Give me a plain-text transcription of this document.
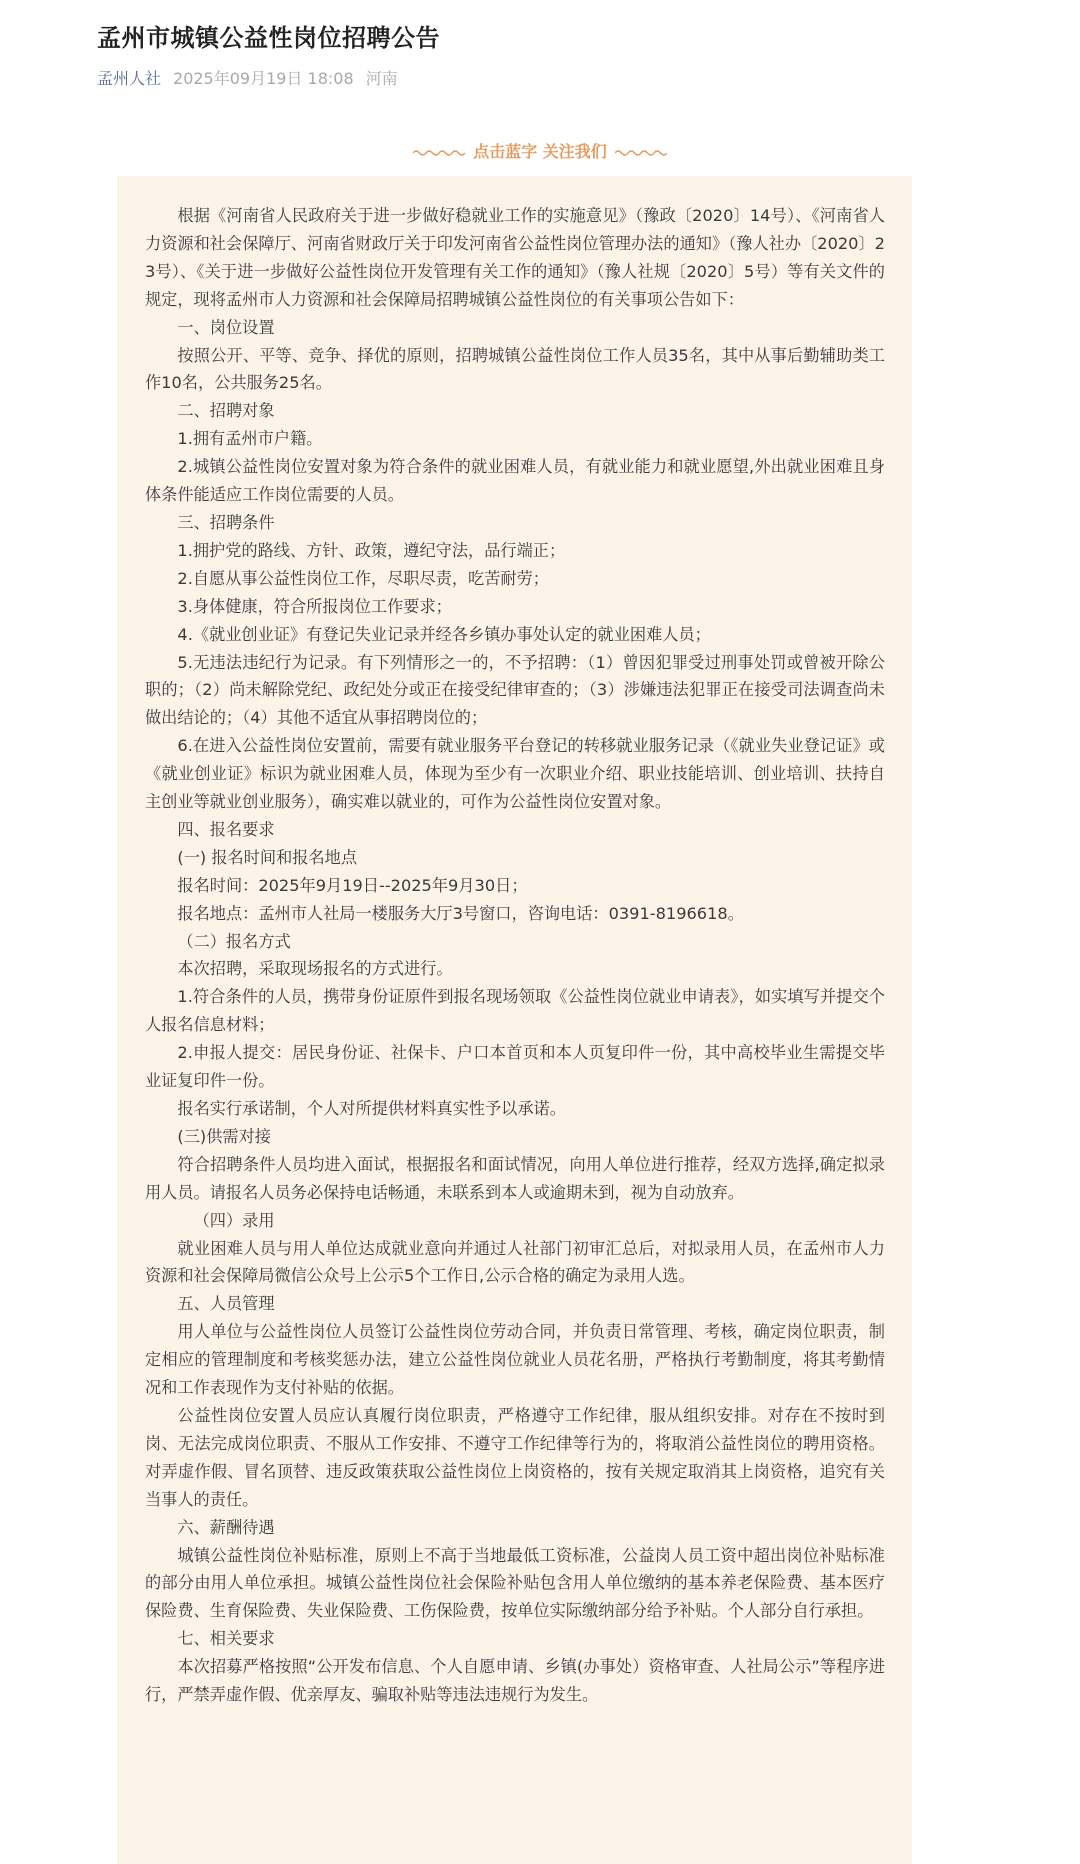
孟州市城镇公益性岗位招聘公告
孟州人社 2025年09月19日 18:08 河南
点击蓝字 关注我们

根据《河南省人民政府关于进一步做好稳就业工作的实施意见》（豫政〔2020〕14号）、《河南省人力资源和社会保障厅、河南省财政厅关于印发河南省公益性岗位管理办法的通知》（豫人社办〔2020〕23号）、《关于进一步做好公益性岗位开发管理有关工作的通知》（豫人社规〔2020〕5号）等有关文件的规定，现将孟州市人力资源和社会保障局招聘城镇公益性岗位的有关事项公告如下：

一、岗位设置

按照公开、平等、竞争、择优的原则，招聘城镇公益性岗位工作人员35名，其中从事后勤辅助类工作10名，公共服务25名。

二、招聘对象

1.拥有孟州市户籍。

2.城镇公益性岗位安置对象为符合条件的就业困难人员，有就业能力和就业愿望,外出就业困难且身体条件能适应工作岗位需要的人员。

三、招聘条件

1.拥护党的路线、方针、政策，遵纪守法，品行端正；

2.自愿从事公益性岗位工作，尽职尽责，吃苦耐劳；

3.身体健康，符合所报岗位工作要求；

4.《就业创业证》有登记失业记录并经各乡镇办事处认定的就业困难人员；

5.无违法违纪行为记录。有下列情形之一的，不予招聘：（1）曾因犯罪受过刑事处罚或曾被开除公职的；（2）尚未解除党纪、政纪处分或正在接受纪律审查的；（3）涉嫌违法犯罪正在接受司法调查尚未做出结论的；（4）其他不适宜从事招聘岗位的；

6.在进入公益性岗位安置前，需要有就业服务平台登记的转移就业服务记录（《就业失业登记证》或《就业创业证》标识为就业困难人员，体现为至少有一次职业介绍、职业技能培训、创业培训、扶持自主创业等就业创业服务），确实难以就业的，可作为公益性岗位安置对象。

四、报名要求

(一) 报名时间和报名地点

报名时间：2025年9月19日--2025年9月30日；

报名地点：孟州市人社局一楼服务大厅3号窗口，咨询电话：0391-8196618。

（二）报名方式

本次招聘，采取现场报名的方式进行。

1.符合条件的人员，携带身份证原件到报名现场领取《公益性岗位就业申请表》，如实填写并提交个人报名信息材料；

2.申报人提交：居民身份证、社保卡、户口本首页和本人页复印件一份，其中高校毕业生需提交毕业证复印件一份。

报名实行承诺制，个人对所提供材料真实性予以承诺。

(三)供需对接

符合招聘条件人员均进入面试，根据报名和面试情况，向用人单位进行推荐，经双方选择,确定拟录用人员。请报名人员务必保持电话畅通，未联系到本人或逾期未到，视为自动放弃。

（四）录用

就业困难人员与用人单位达成就业意向并通过人社部门初审汇总后，对拟录用人员，在孟州市人力资源和社会保障局微信公众号上公示5个工作日,公示合格的确定为录用人选。

五、人员管理

用人单位与公益性岗位人员签订公益性岗位劳动合同，并负责日常管理、考核，确定岗位职责，制定相应的管理制度和考核奖惩办法，建立公益性岗位就业人员花名册，严格执行考勤制度，将其考勤情况和工作表现作为支付补贴的依据。

公益性岗位安置人员应认真履行岗位职责，严格遵守工作纪律，服从组织安排。对存在不按时到岗、无法完成岗位职责、不服从工作安排、不遵守工作纪律等行为的，将取消公益性岗位的聘用资格。对弄虚作假、冒名顶替、违反政策获取公益性岗位上岗资格的，按有关规定取消其上岗资格，追究有关当事人的责任。

六、薪酬待遇

城镇公益性岗位补贴标准，原则上不高于当地最低工资标准，公益岗人员工资中超出岗位补贴标准的部分由用人单位承担。城镇公益性岗位社会保险补贴包含用人单位缴纳的基本养老保险费、基本医疗保险费、生育保险费、失业保险费、工伤保险费，按单位实际缴纳部分给予补贴。个人部分自行承担。

七、相关要求

本次招募严格按照“公开发布信息、个人自愿申请、乡镇(办事处）资格审查、人社局公示”等程序进行，严禁弄虚作假、优亲厚友、骗取补贴等违法违规行为发生。
